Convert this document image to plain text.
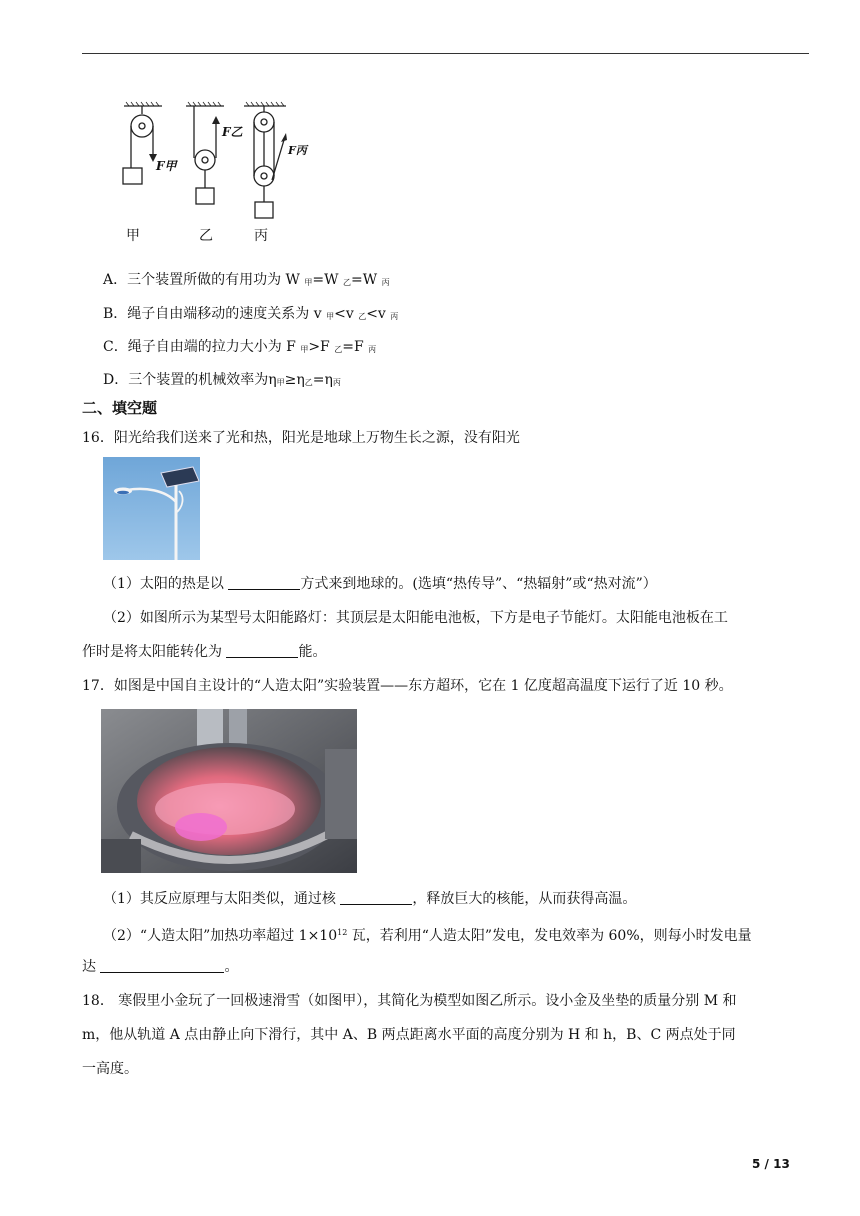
F甲
F乙
F丙
甲	乙	丙
A．三个装置所做的有用功为 W $_甲$=W $_乙$=W $_丙$
B．绳子自由端移动的速度关系为 v $_甲$<v $_乙$<v $_丙$
C．绳子自由端的拉力大小为 F $_甲$>F $_乙$=F $_丙$
D．三个装置的机械效率为$\eta_甲\ge\eta_乙=\eta_丙$
二、填空题
16．阳光给我们送来了光和热，阳光是地球上万物生长之源，没有阳光
（1）太阳的热是以	方式来到地球的。(选填“热传导”、“热辐射”或“热对流”）
（2）如图所示为某型号太阳能路灯：其顶层是太阳能电池板，下方是电子节能灯。太阳能电池板在工
作时是将太阳能转化为	能。
17．如图是中国自主设计的“人造太阳”实验装置——东方超环，它在 1 亿度超高温度下运行了近 10 秒。
（1）其反应原理与太阳类似，通过核	，释放巨大的核能，从而获得高温。
（2）“人造太阳”加热功率超过 $1\times 10^{12}$ 瓦，若利用“人造太阳”发电，发电效率为 60%，则每小时发电量
达	。
18． 寒假里小金玩了一回极速滑雪（如图甲），其简化为模型如图乙所示。设小金及坐垫的质量分别 M 和
m，他从轨道 A 点由静止向下滑行，其中 A、B 两点距离水平面的高度分别为 H 和 h，B、C 两点处于同
一高度。
5 / 13
